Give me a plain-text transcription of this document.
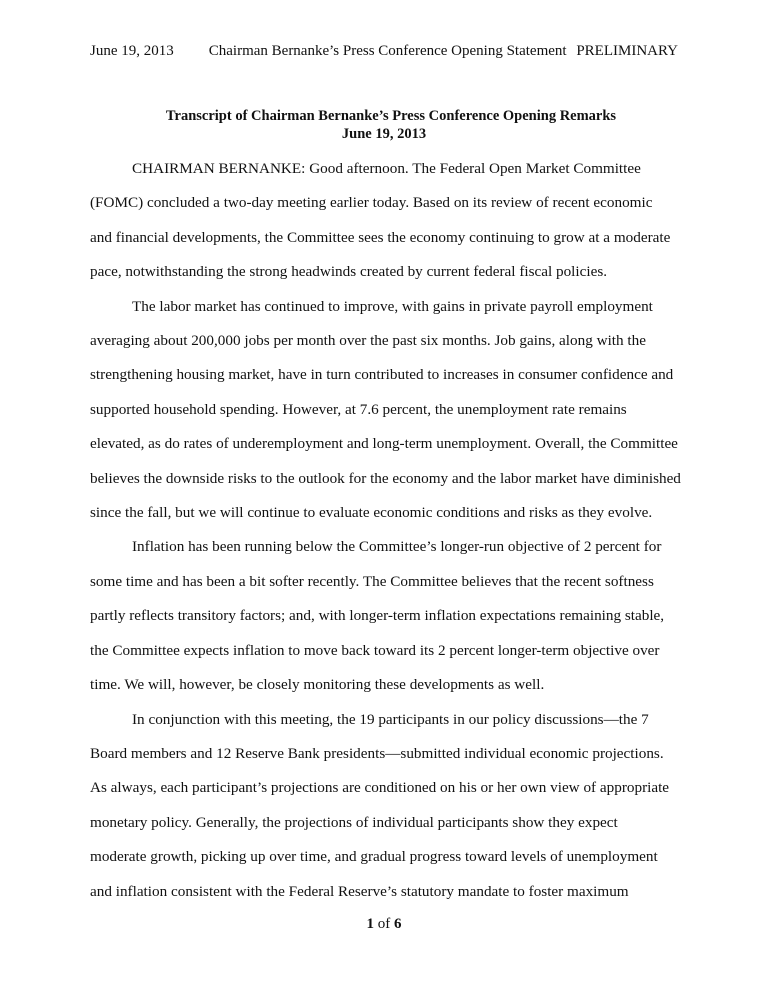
June 19, 2013 Chairman Bernanke’s Press Conference Opening Statement PRELIMINARY
Transcript of Chairman Bernanke’s Press Conference Opening Remarks
June 19, 2013
CHAIRMAN BERNANKE: Good afternoon. The Federal Open Market Committee
(FOMC) concluded a two-day meeting earlier today. Based on its review of recent economic
and financial developments, the Committee sees the economy continuing to grow at a moderate
pace, notwithstanding the strong headwinds created by current federal fiscal policies.
The labor market has continued to improve, with gains in private payroll employment
averaging about 200,000 jobs per month over the past six months. Job gains, along with the
strengthening housing market, have in turn contributed to increases in consumer confidence and
supported household spending. However, at 7.6 percent, the unemployment rate remains
elevated, as do rates of underemployment and long-term unemployment. Overall, the Committee
believes the downside risks to the outlook for the economy and the labor market have diminished
since the fall, but we will continue to evaluate economic conditions and risks as they evolve.
Inflation has been running below the Committee’s longer-run objective of 2 percent for
some time and has been a bit softer recently. The Committee believes that the recent softness
partly reflects transitory factors; and, with longer-term inflation expectations remaining stable,
the Committee expects inflation to move back toward its 2 percent longer-term objective over
time. We will, however, be closely monitoring these developments as well.
In conjunction with this meeting, the 19 participants in our policy discussions—the 7
Board members and 12 Reserve Bank presidents—submitted individual economic projections.
As always, each participant’s projections are conditioned on his or her own view of appropriate
monetary policy. Generally, the projections of individual participants show they expect
moderate growth, picking up over time, and gradual progress toward levels of unemployment
and inflation consistent with the Federal Reserve’s statutory mandate to foster maximum
1 of 6
